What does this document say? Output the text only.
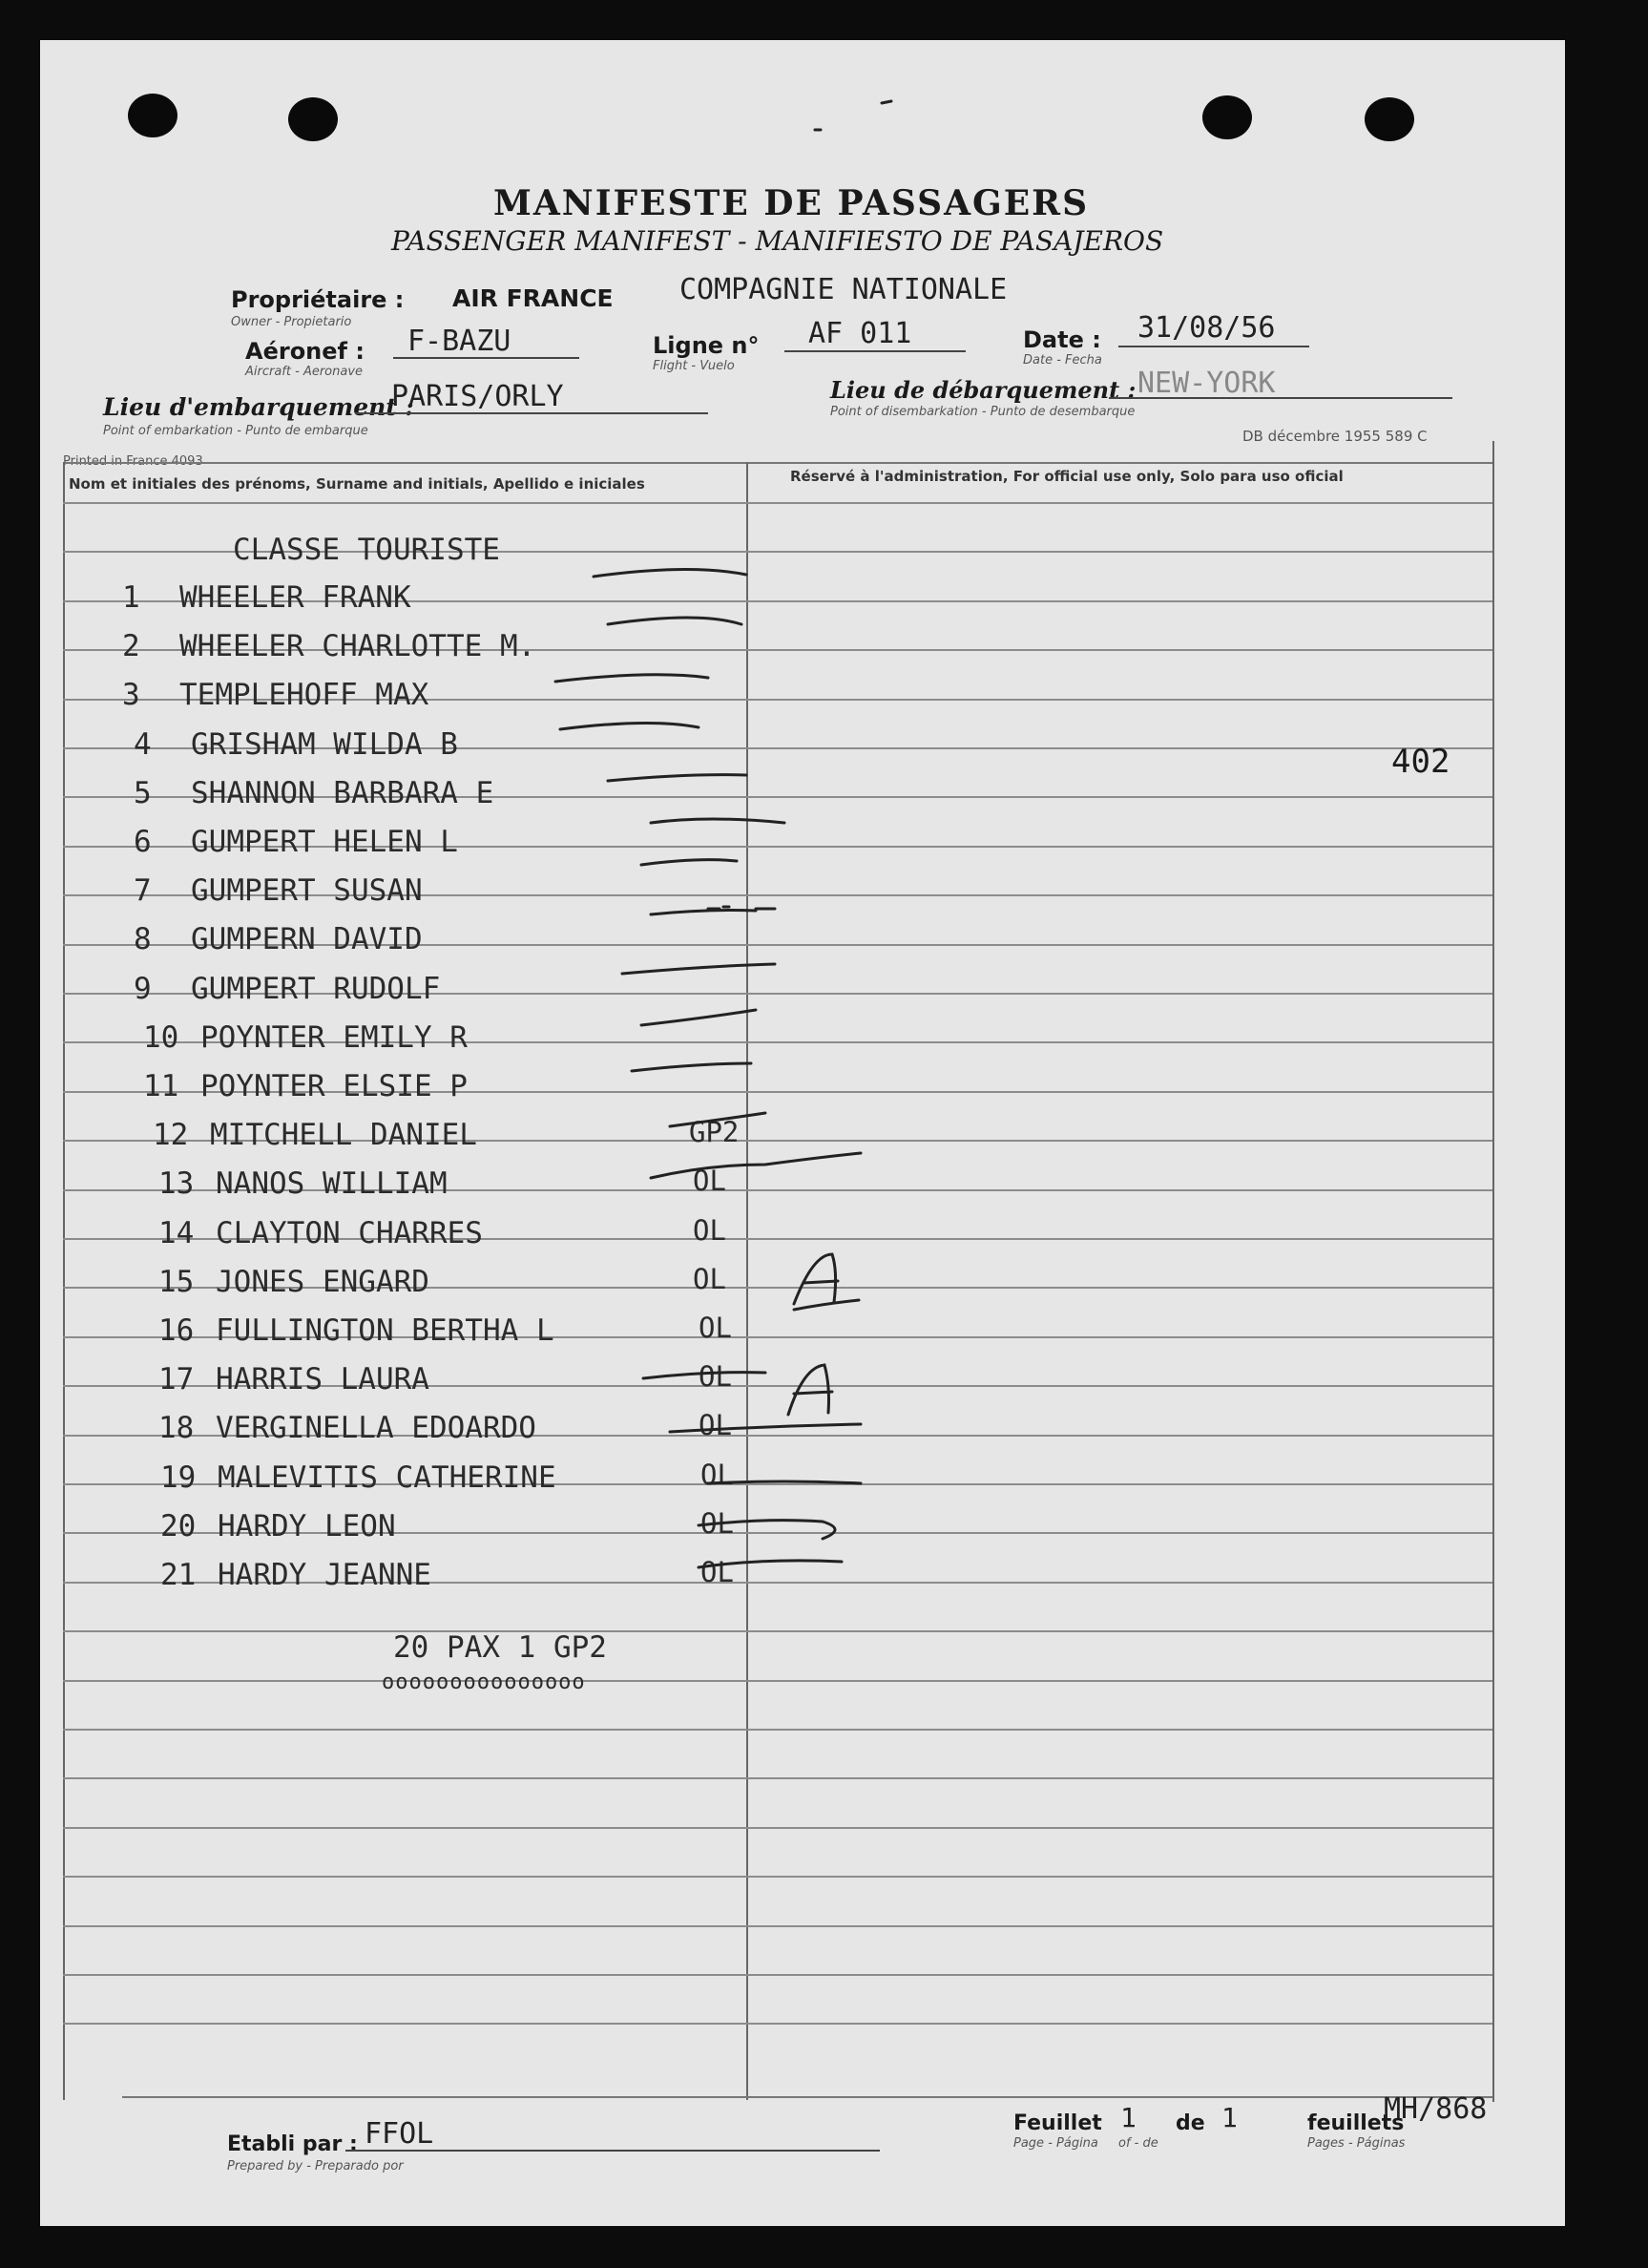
MANIFESTE DE PASSAGERS
PASSENGER MANIFEST - MANIFIESTO DE PASAJEROS
Propriétaire :
Owner - Propietario
AIR FRANCE COMPAGNIE NATIONALE
Aéronef :
Aircraft - Aeronave
F-BAZU	Ligne n°
Flight - Vuelo
AF 011	Date :
Date - Fecha
31/08/56
Lieu d'embarquement :
Point of embarkation - Punto de embarque
PARIS/ORLY	Lieu de débarquement :
Point of disembarkation - Punto de desembarque
NEW-YORK
DB décembre 1955 589 C
Printed in France 4093
Nom et initiales des prénoms, Surname and initials, Apellido e iniciales	Réservé à l'administration, For official use only, Solo para uso oficial
CLASSE TOURISTE
1 WHEELER FRANK
2 WHEELER CHARLOTTE M.
3 TEMPLEHOFF MAX
4 GRISHAM WILDA B
5 SHANNON BARBARA E
6 GUMPERT HELEN L
7 GUMPERT SUSAN
8 GUMPERN DAVID
9 GUMPERT RUDOLF
10 POYNTER EMILY R
11 POYNTER ELSIE P
12 MITCHELL DANIEL	GP2
13 NANOS WILLIAM	OL
14 CLAYTON CHARRES	OL
15 JONES ENGARD	OL
16 FULLINGTON BERTHA L	OL
17 HARRIS LAURA	OL
18 VERGINELLA EDOARDO	OL
19 MALEVITIS CATHERINE	OL
20 HARDY LEON	OL
21 HARDY JEANNE	OL
20 PAX 1 GP2
ooooooooooooooo
402
Etabli par :
Prepared by - Preparado por
FFOL	Feuillet
Page - Página
1 de
of - de
1	feuillets
Pages - Páginas
MH/868
